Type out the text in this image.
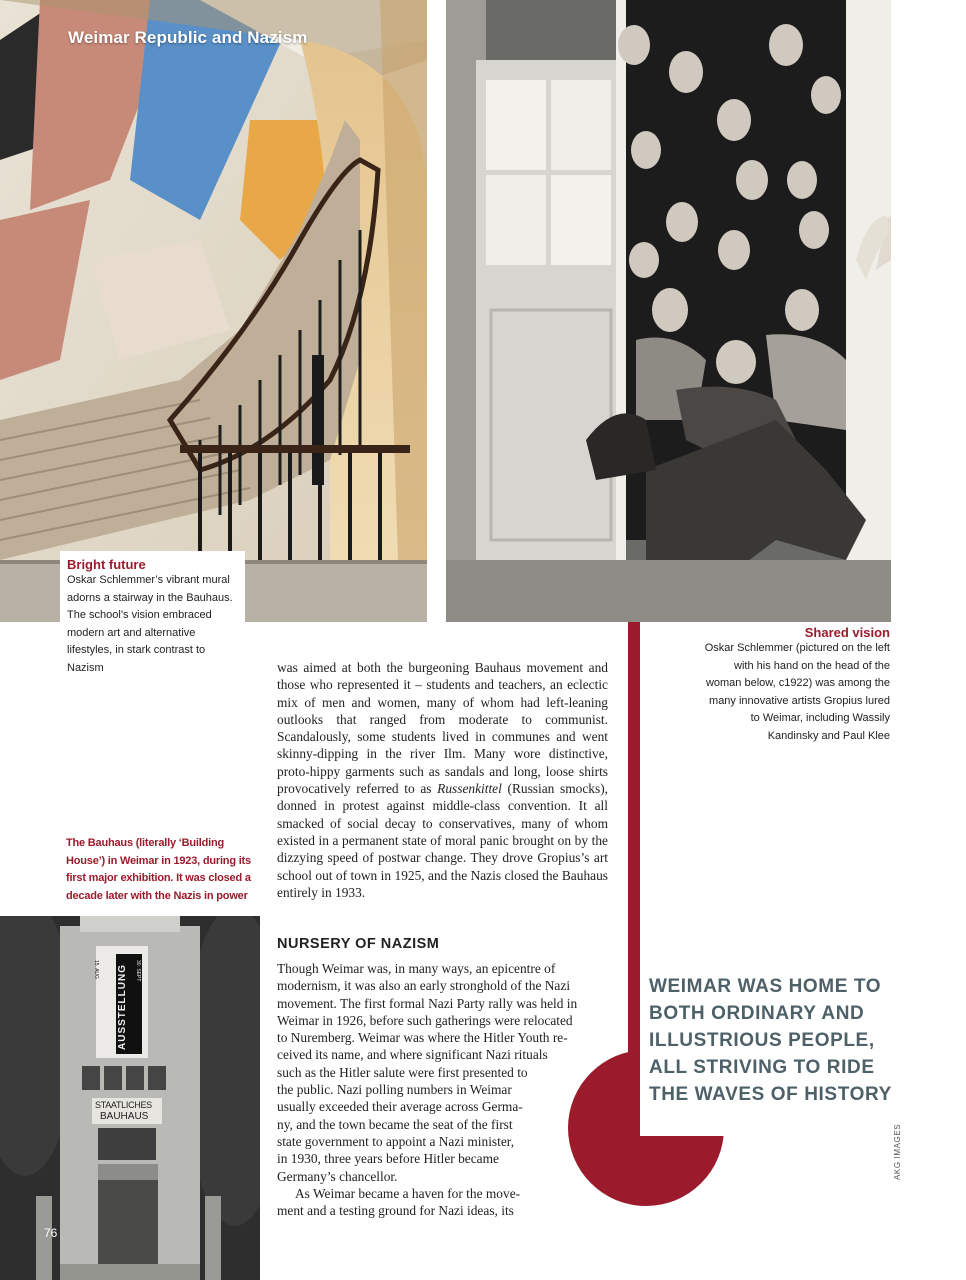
Weimar Republic and Nazism
Bright future
Oskar Schlemmer’s vibrant mural adorns a stairway in the Bauhaus. The school’s vision embraced modern art and alternative lifestyles, in stark contrast to Nazism
Shared vision
Oskar Schlemmer (pictured on the left with his hand on the head of the woman below, c1922) was among the many innovative artists Gropius lured to Weimar, including Wassily Kandinsky and Paul Klee
The Bauhaus (literally ‘Building House’) in Weimar in 1923, during its first major exhibition. It was closed a decade later with the Nazis in power
15. AUG	30. SEPT
AUSSTELLUNG
STAATLICHES
BAUHAUS
76
WEIMAR WAS HOME TO BOTH ORDINARY AND ILLUSTRIOUS PEOPLE, ALL STRIVING TO RIDE THE WAVES OF HISTORY
was aimed at both the burgeoning Bauhaus movement and those who represented it – students and teachers, an eclectic mix of men and women, many of whom had left-leaning outlooks that ranged from moderate to communist. Scandalously, some students lived in communes and went skinny-dipping in the river Ilm. Many wore distinctive, proto-hippy garments such as sandals and long, loose shirts provocatively referred to as Russenkittel (Russian smocks), donned in protest against middle-class convention. It all smacked of social decay to conservatives, many of whom existed in a permanent state of moral panic brought on by the dizzying speed of postwar change. They drove Gropius’s art school out of town in 1925, and the Nazis closed the Bauhaus entirely in 1933.
NURSERY OF NAZISM
Though Weimar was, in many ways, an epicentre of
modernism, it was also an early stronghold of the Nazi
movement. The first formal Nazi Party rally was held in
Weimar in 1926, before such gatherings were relocated
to Nuremberg. Weimar was where the Hitler Youth re-
ceived its name, and where significant Nazi rituals
such as the Hitler salute were first presented to
the public. Nazi polling numbers in Weimar
usually exceeded their average across Germa-
ny, and the town became the seat of the first
state government to appoint a Nazi minister,
in 1930, three years before Hitler became
Germany’s chancellor.
As Weimar became a haven for the move-
ment and a testing ground for Nazi ideas, its
AKG IMAGES
